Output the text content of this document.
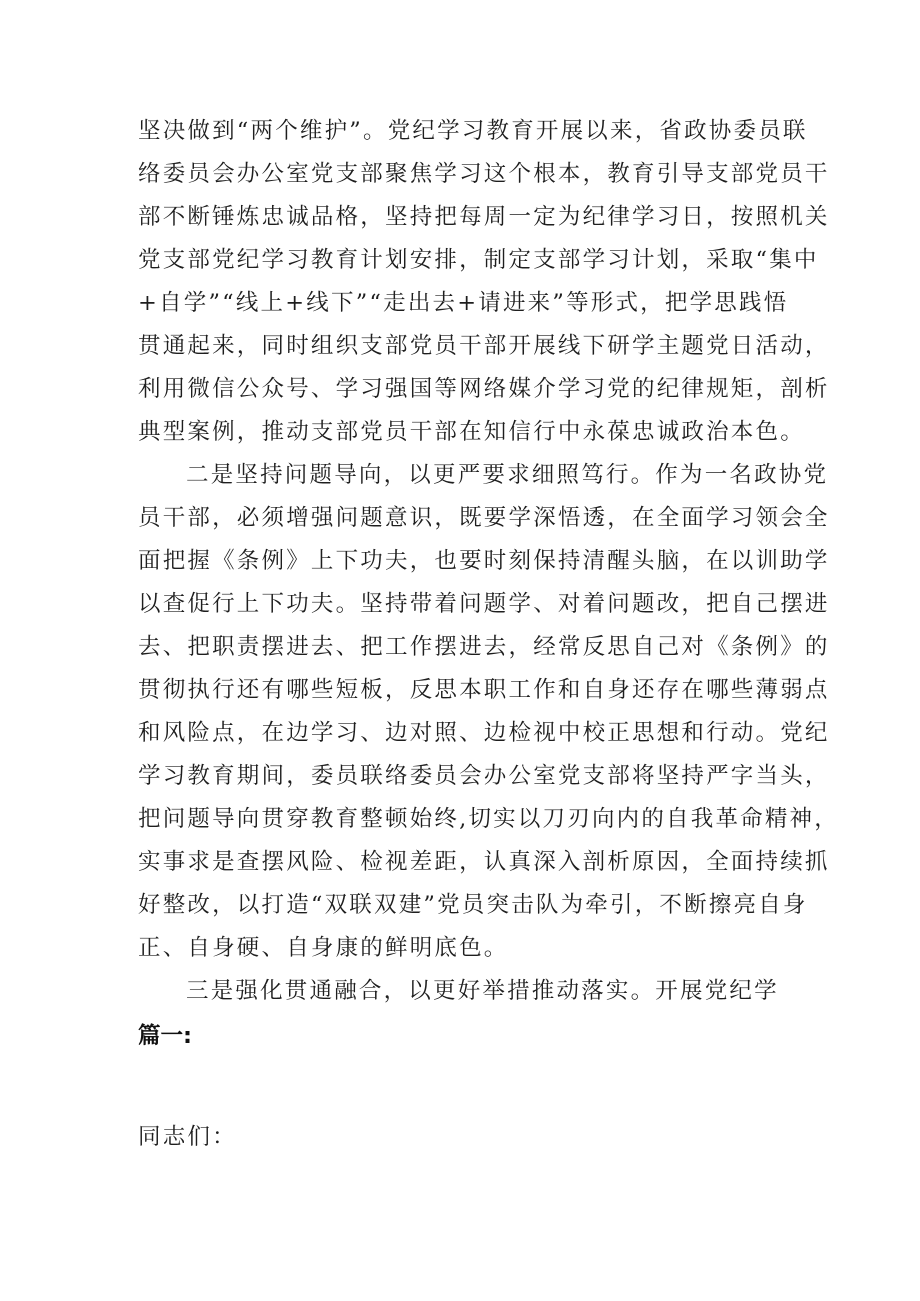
坚决做到“两个维护”。党纪学习教育开展以来，省政协委员联
络委员会办公室党支部聚焦学习这个根本，教育引导支部党员干
部不断锤炼忠诚品格，坚持把每周一定为纪律学习日，按照机关
党支部党纪学习教育计划安排，制定支部学习计划，采取“集中
+自学”“线上+线下”“走出去+请进来”等形式，把学思践悟
贯通起来，同时组织支部党员干部开展线下研学主题党日活动，
利用微信公众号、学习强国等网络媒介学习党的纪律规矩，剖析
典型案例，推动支部党员干部在知信行中永葆忠诚政治本色。
二是坚持问题导向，以更严要求细照笃行。作为一名政协党
员干部，必须增强问题意识，既要学深悟透，在全面学习领会全
面把握《条例》上下功夫，也要时刻保持清醒头脑，在以训助学
以查促行上下功夫。坚持带着问题学、对着问题改，把自己摆进
去、把职责摆进去、把工作摆进去，经常反思自己对《条例》的
贯彻执行还有哪些短板，反思本职工作和自身还存在哪些薄弱点
和风险点，在边学习、边对照、边检视中校正思想和行动。党纪
学习教育期间，委员联络委员会办公室党支部将坚持严字当头，
把问题导向贯穿教育整顿始终,切实以刀刃向内的自我革命精神，
实事求是查摆风险、检视差距，认真深入剖析原因，全面持续抓
好整改，以打造“双联双建”党员突击队为牵引，不断擦亮自身
正、自身硬、自身康的鲜明底色。
三是强化贯通融合，以更好举措推动落实。开展党纪学
篇一:
同志们：
